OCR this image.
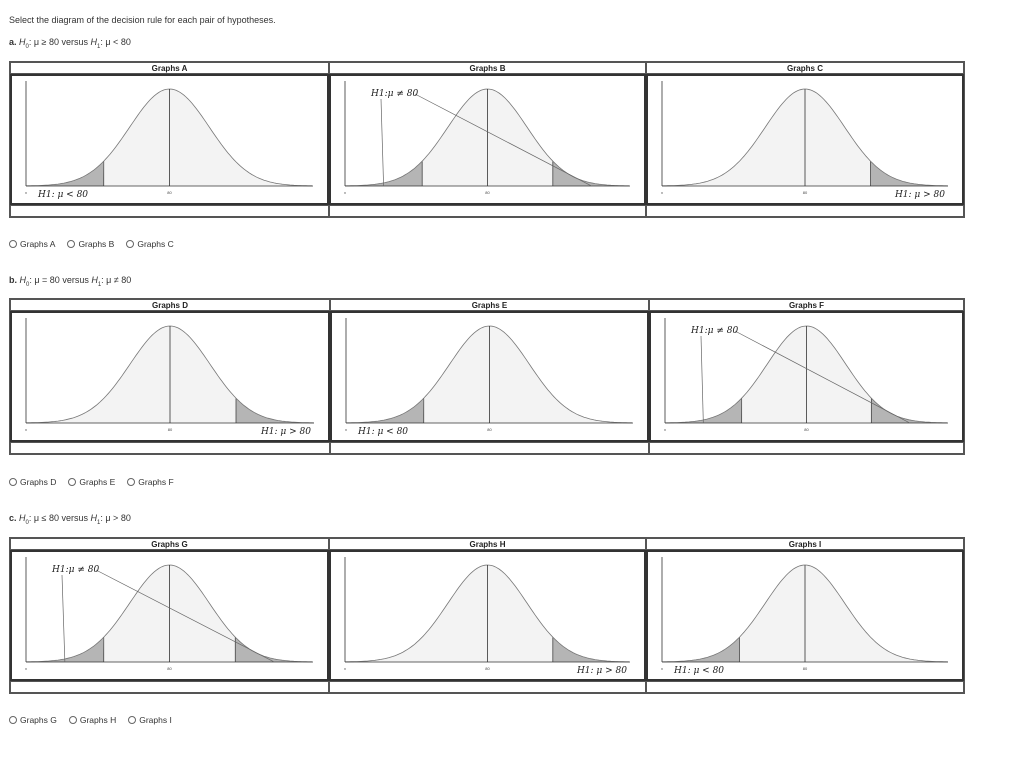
Select the diagram of the decision rule for each pair of hypotheses.
a. $H_0$: μ ≥ 80 versus $H_1$: μ < 80
Graphs A
80
x H1: μ < 80
Graphs B
80
x
H1:μ ≠ 80
Graphs C
80
x	H1: μ > 80
Graphs A	Graphs B	Graphs C
b. $H_0$: μ = 80 versus $H_1$: μ ≠ 80
Graphs D
80
x	H1: μ > 80
Graphs E
80
x H1: μ < 80
Graphs F
80
x
H1:μ ≠ 80
Graphs D	Graphs E	Graphs F
c. $H_0$: μ ≤ 80 versus $H_1$: μ > 80
Graphs G
80
x
H1:μ ≠ 80
Graphs H
80
x	H1: μ > 80
Graphs I
80
x H1: μ < 80
Graphs G	Graphs H	Graphs I
